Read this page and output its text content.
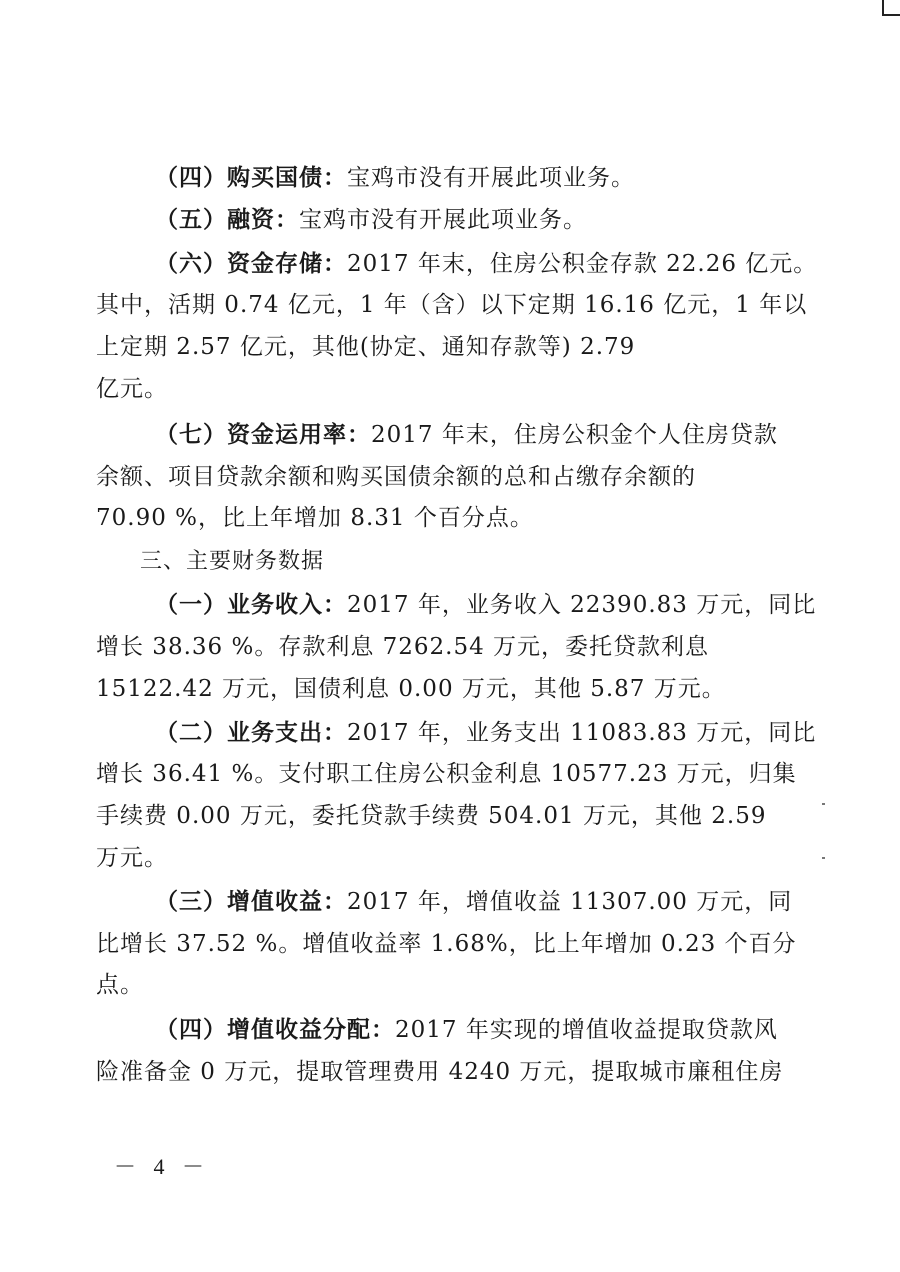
（四）购买国债：宝鸡市没有开展此项业务。
（五）融资：宝鸡市没有开展此项业务。
（六）资金存储：2017 年末，住房公积金存款 22.26 亿元。
其中，活期 0.74 亿元，1 年（含）以下定期 16.16 亿元，1 年以
上定期 2.57 亿元，其他(协定、通知存款等) 2.79
亿元。
（七）资金运用率：2017 年末，住房公积金个人住房贷款
余额、项目贷款余额和购买国债余额的总和占缴存余额的
70.90 %，比上年增加 8.31 个百分点。
三、主要财务数据
（一）业务收入：2017 年，业务收入 22390.83 万元，同比
增长 38.36 %。存款利息 7262.54 万元，委托贷款利息
15122.42 万元，国债利息 0.00 万元，其他 5.87 万元。
（二）业务支出：2017 年，业务支出 11083.83 万元，同比
增长 36.41 %。支付职工住房公积金利息 10577.23 万元，归集
手续费 0.00 万元，委托贷款手续费 504.01 万元，其他 2.59
万元。
（三）增值收益：2017 年，增值收益 11307.00 万元，同
比增长 37.52 %。增值收益率 1.68%，比上年增加 0.23 个百分
点。
（四）增值收益分配：2017 年实现的增值收益提取贷款风
险准备金 0 万元，提取管理费用 4240 万元，提取城市廉租住房
－ 4 －
